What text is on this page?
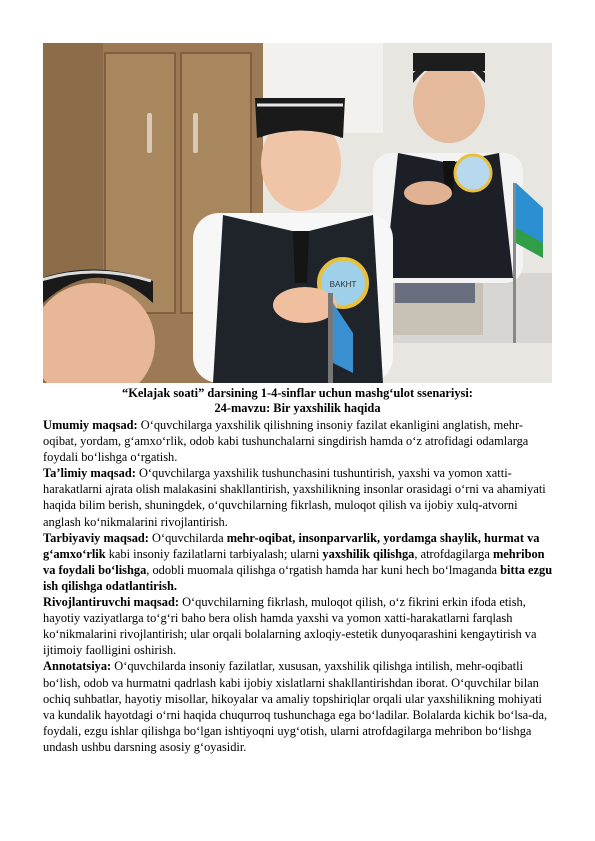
BAKHT
“Kelajak soati” darsining 1-4-sinflar uchun mashg‘ulot ssenariysi:
24-mavzu: Bir yaxshilik haqida

Umumiy maqsad: O‘quvchilarga yaxshilik qilishning insoniy fazilat ekanligini anglatish, mehr-oqibat, yordam, g‘amxo‘rlik, odob kabi tushunchalarni singdirish hamda o‘z atrofidagi odamlarga foydali bo‘lishga o‘rgatish.

Ta’limiy maqsad: O‘quvchilarga yaxshilik tushunchasini tushuntirish, yaxshi va yomon xatti-harakatlarni ajrata olish malakasini shakllantirish, yaxshilikning insonlar orasidagi o‘rni va ahamiyati haqida bilim berish, shuningdek, o‘quvchilarning fikrlash, muloqot qilish va ijobiy xulq-atvorni anglash ko‘nikmalarini rivojlantirish.

Tarbiyaviy maqsad: O‘quvchilarda mehr-oqibat, insonparvarlik, yordamga shaylik, hurmat va g‘amxo‘rlik kabi insoniy fazilatlarni tarbiyalash; ularni yaxshilik qilishga, atrofdagilarga mehribon va foydali bo‘lishga, odobli muomala qilishga o‘rgatish hamda har kuni hech bo‘lmaganda bitta ezgu ish qilishga odatlantirish.

Rivojlantiruvchi maqsad: O‘quvchilarning fikrlash, muloqot qilish, o‘z fikrini erkin ifoda etish, hayotiy vaziyatlarga to‘g‘ri baho bera olish hamda yaxshi va yomon xatti-harakatlarni farqlash ko‘nikmalarini rivojlantirish; ular orqali bolalarning axloqiy-estetik dunyoqarashini kengaytirish va ijtimoiy faolligini oshirish.

Annotatsiya: O‘quvchilarda insoniy fazilatlar, xususan, yaxshilik qilishga intilish, mehr-oqibatli bo‘lish, odob va hurmatni qadrlash kabi ijobiy xislatlarni shakllantirishdan iborat. O‘quvchilar bilan ochiq suhbatlar, hayotiy misollar, hikoyalar va amaliy topshiriqlar orqali ular yaxshilikning mohiyati va kundalik hayotdagi o‘rni haqida chuqurroq tushunchaga ega bo‘ladilar. Bolalarda kichik bo‘lsa-da, foydali, ezgu ishlar qilishga bo‘lgan ishtiyoqni uyg‘otish, ularni atrofdagilarga mehribon bo‘lishga undash ushbu darsning asosiy g‘oyasidir.
